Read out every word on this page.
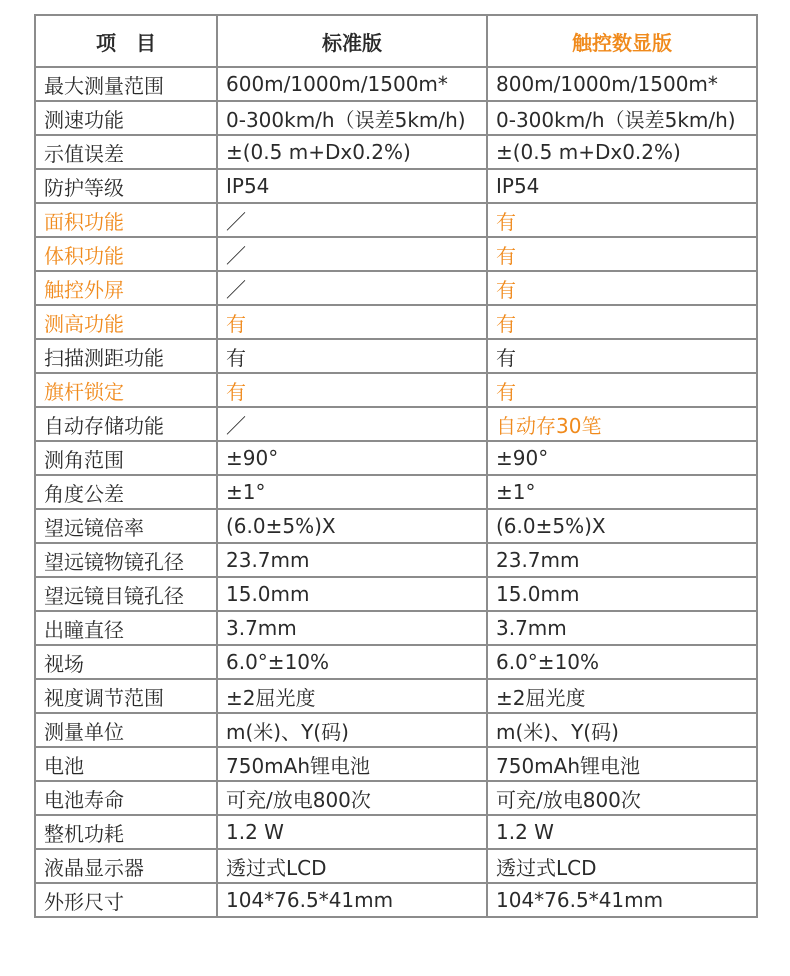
项　目	标准版	触控数显版
最大测量范围	600m/1000m/1500m*	800m/1000m/1500m*
测速功能	0-300km/h（误差5km/h)	0-300km/h（误差5km/h)
示值误差	±(0.5 m+Dx0.2%)	±(0.5 m+Dx0.2%)
防护等级	IP54	IP54
面积功能	／	有
体积功能	／	有
触控外屏	／	有
测高功能	有	有
扫描测距功能	有	有
旗杆锁定	有	有
自动存储功能	／	自动存30笔
测角范围	±90°	±90°
角度公差	±1°	±1°
望远镜倍率	(6.0±5%)X	(6.0±5%)X
望远镜物镜孔径	23.7mm	23.7mm
望远镜目镜孔径	15.0mm	15.0mm
出瞳直径	3.7mm	3.7mm
视场	6.0°±10%	6.0°±10%
视度调节范围	±2屈光度	±2屈光度
测量单位	m(米)、Y(码)	m(米)、Y(码)
电池	750mAh锂电池	750mAh锂电池
电池寿命	可充/放电800次	可充/放电800次
整机功耗	1.2 W	1.2 W
液晶显示器	透过式LCD	透过式LCD
外形尺寸	104*76.5*41mm	104*76.5*41mm
